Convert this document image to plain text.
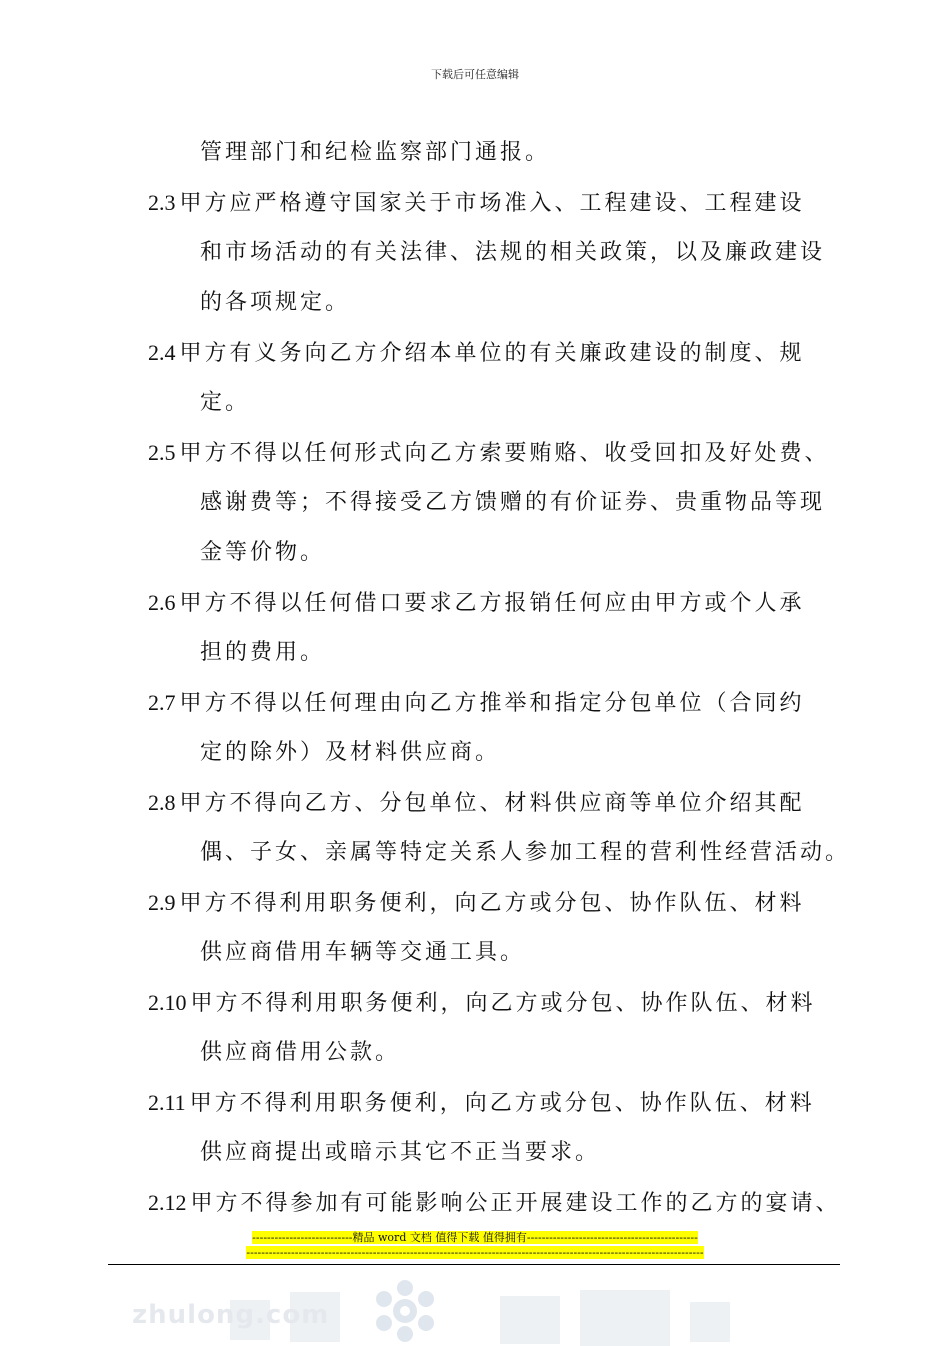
下载后可任意编辑
管理部门和纪检监察部门通报。
2.3 甲方应严格遵守国家关于市场准入、工程建设、工程建设
和市场活动的有关法律、法规的相关政策，以及廉政建设
的各项规定。
2.4 甲方有义务向乙方介绍本单位的有关廉政建设的制度、规
定。
2.5 甲方不得以任何形式向乙方索要贿赂、收受回扣及好处费、
感谢费等；不得接受乙方馈赠的有价证券、贵重物品等现
金等价物。
2.6 甲方不得以任何借口要求乙方报销任何应由甲方或个人承
担的费用。
2.7 甲方不得以任何理由向乙方推举和指定分包单位（合同约
定的除外）及材料供应商。
2.8 甲方不得向乙方、分包单位、材料供应商等单位介绍其配
偶、子女、亲属等特定关系人参加工程的营利性经营活动。
2.9 甲方不得利用职务便利，向乙方或分包、协作队伍、材料
供应商借用车辆等交通工具。
2.10 甲方不得利用职务便利，向乙方或分包、协作队伍、材料
供应商借用公款。
2.11 甲方不得利用职务便利，向乙方或分包、协作队伍、材料
供应商提出或暗示其它不正当要求。
2.12 甲方不得参加有可能影响公正开展建设工作的乙方的宴请、
---------------------------精品 word 文档 值得下载 值得拥有----------------------------------------------
---------------------------------------------------------------------------------------------------------------------------
zhulong.com
